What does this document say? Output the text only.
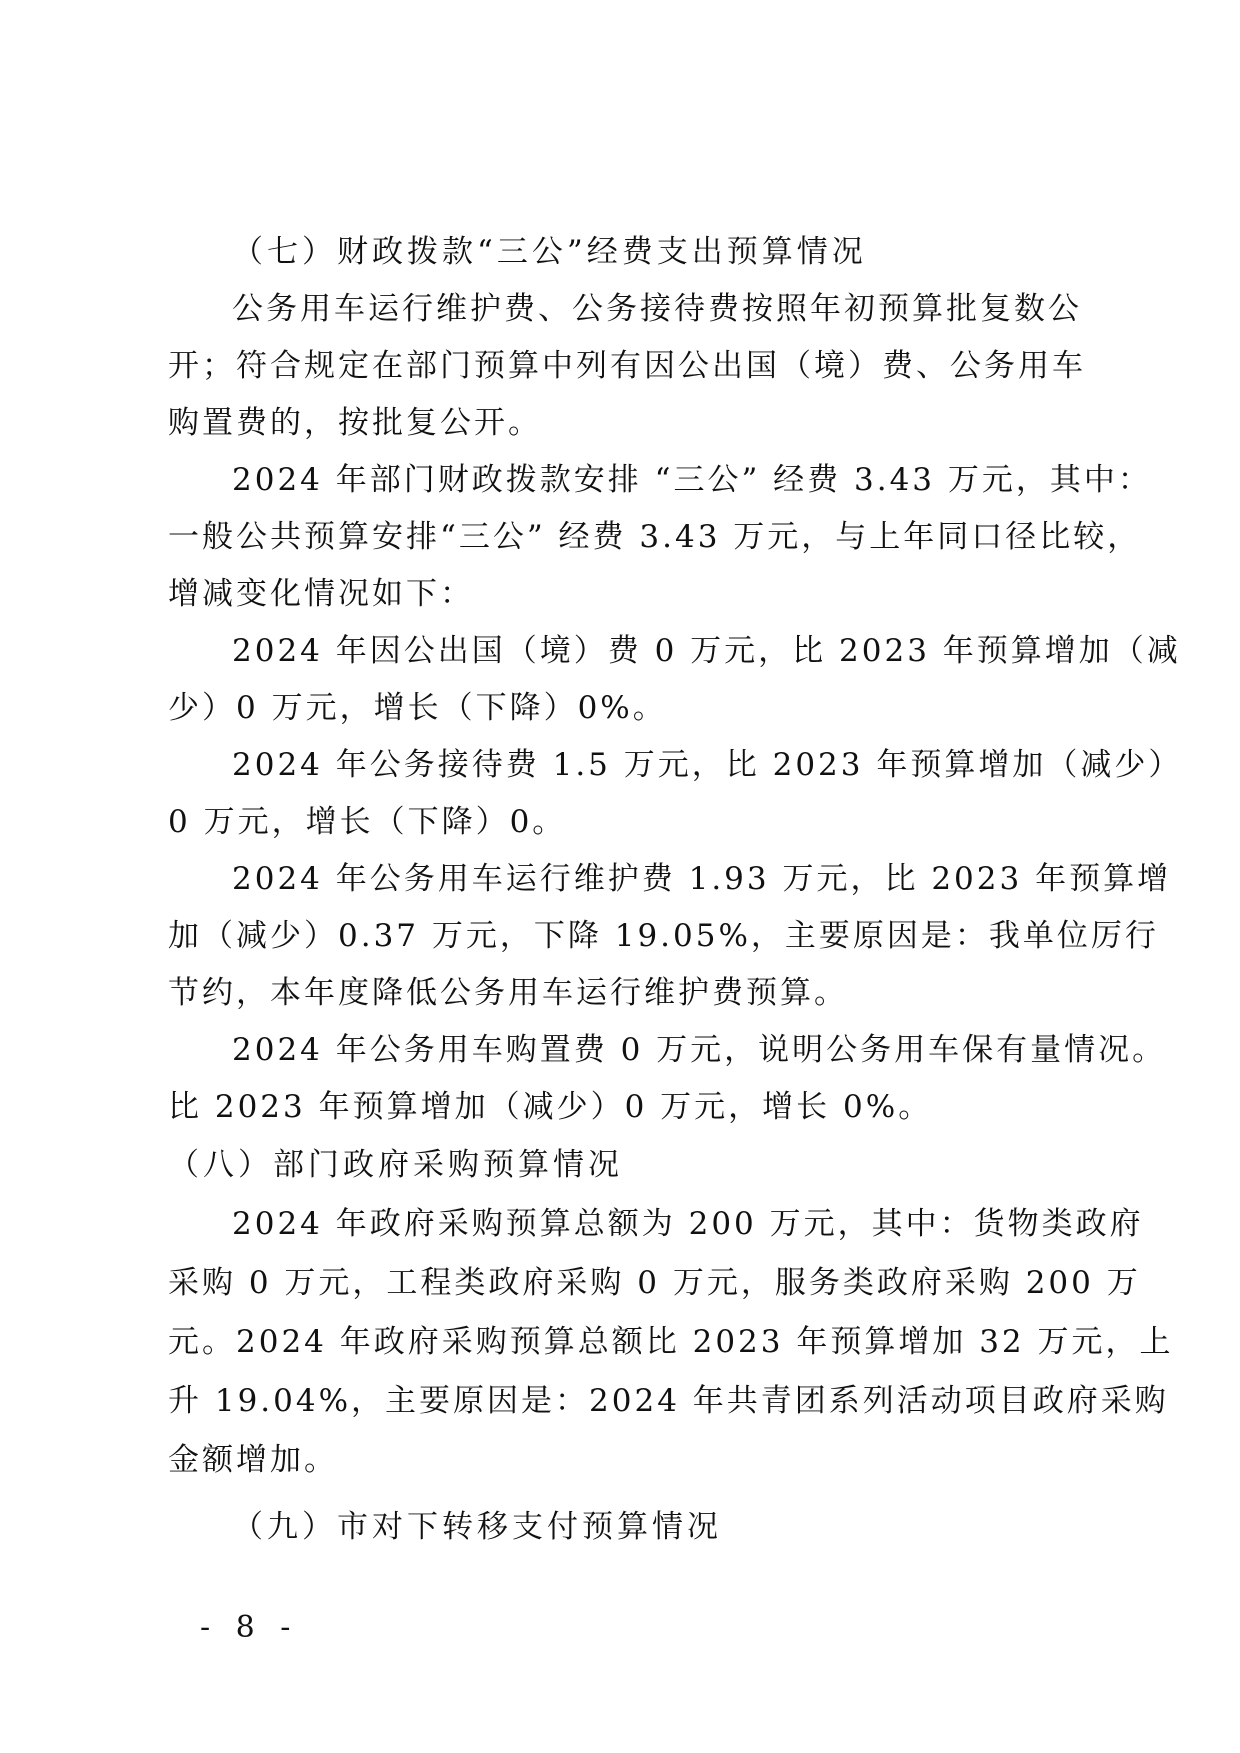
（七）财政拨款“三公”经费支出预算情况
公务用车运行维护费、公务接待费按照年初预算批复数公
开；符合规定在部门预算中列有因公出国（境）费、公务用车
购置费的，按批复公开。
2024 年部门财政拨款安排 “三公” 经费 3.43 万元，其中：
一般公共预算安排“三公” 经费 3.43 万元，与上年同口径比较，
增减变化情况如下：
2024 年因公出国（境）费 0 万元，比 2023 年预算增加（减
少）0 万元，增长（下降）0%。
2024 年公务接待费 1.5 万元，比 2023 年预算增加（减少）
0 万元，增长（下降）0。
2024 年公务用车运行维护费 1.93 万元，比 2023 年预算增
加（减少）0.37 万元，下降 19.05%，主要原因是：我单位厉行
节约，本年度降低公务用车运行维护费预算。
2024 年公务用车购置费 0 万元，说明公务用车保有量情况。
比 2023 年预算增加（减少）0 万元，增长 0%。
（八）部门政府采购预算情况
2024 年政府采购预算总额为 200 万元，其中：货物类政府
采购 0 万元，工程类政府采购 0 万元，服务类政府采购 200 万
元。2024 年政府采购预算总额比 2023 年预算增加 32 万元，上
升 19.04%，主要原因是：2024 年共青团系列活动项目政府采购
金额增加。
（九）市对下转移支付预算情况
- 8 -
